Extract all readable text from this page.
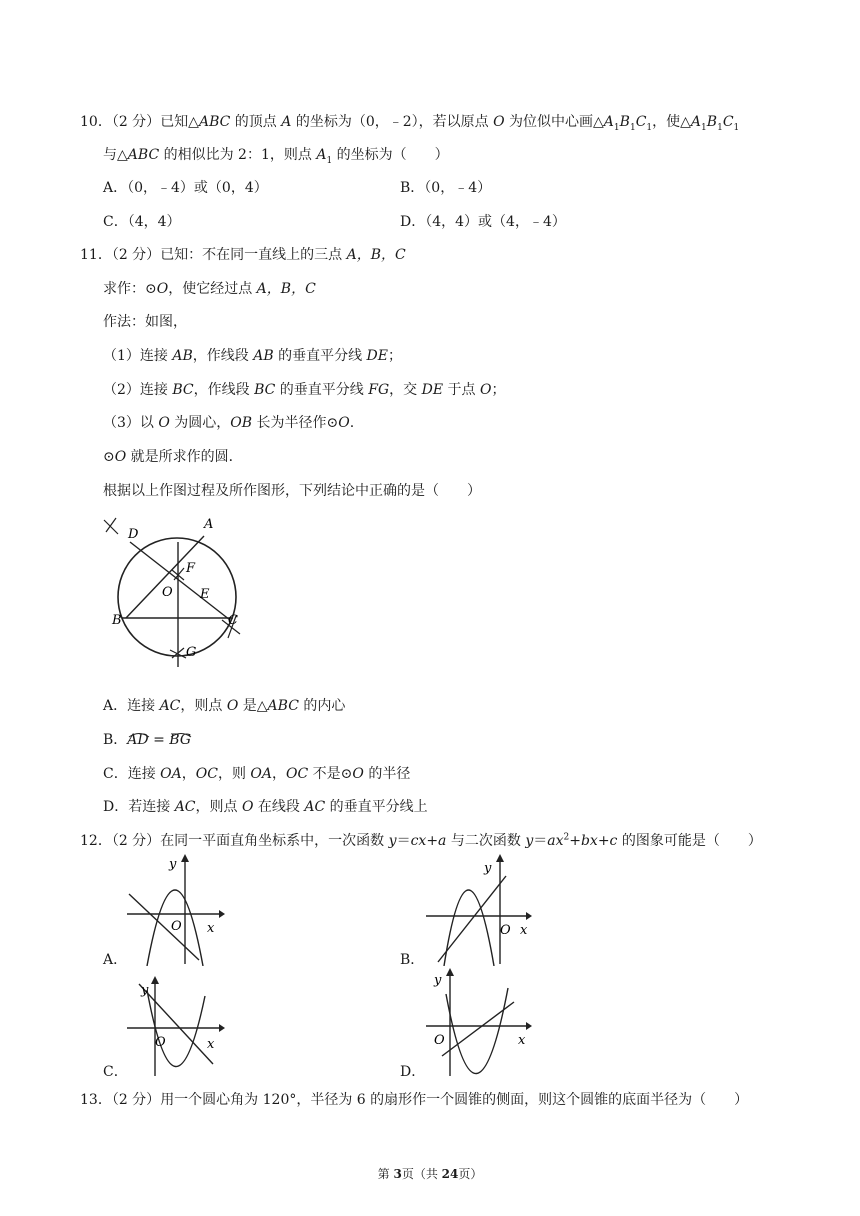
10．（2 分）已知△ABC 的顶点 A 的坐标为（0，﹣2），若以原点 O 为位似中心画$\triangle A_1B_1C_1$，使$\triangle A_1B_1C_1$
与△ABC 的相似比为 2：1，则点 $A_1$ 的坐标为（　　）
A．（0，﹣4）或（0，4）	B．（0，﹣4）
C．（4，4）	D．（4，4）或（4，﹣4）
11．（2 分）已知：不在同一直线上的三点 A，B，C
求作：⊙O，使它经过点 A，B，C
作法：如图，
（1）连接 AB，作线段 AB 的垂直平分线 DE；
（2）连接 BC，作线段 BC 的垂直平分线 FG，交 DE 于点 O；
（3）以 O 为圆心，OB 长为半径作⊙O.
⊙O 就是所求作的圆．
根据以上作图过程及所作图形，下列结论中正确的是（　　）
D
A
F
O E
B	C
G
A．连接 AC，则点 O 是△ABC 的内心
B．AD
= BG
C．连接 OA，OC，则 OA，OC 不是⊙O 的半径
D．若连接 AC，则点 O 在线段 AC 的垂直平分线上
12．（2 分）在同一平面直角坐标系中，一次函数 y＝cx+a 与二次函数 $y=ax^2+bx+c$ 的图象可能是（　　）
A．
O x
y
B．
O x
y
C．
O	x
y
D．
O	x
y
13．（2 分）用一个圆心角为 120°，半径为 6 的扇形作一个圆锥的侧面，则这个圆锥的底面半径为（　　）
第 3页（共 24页）
